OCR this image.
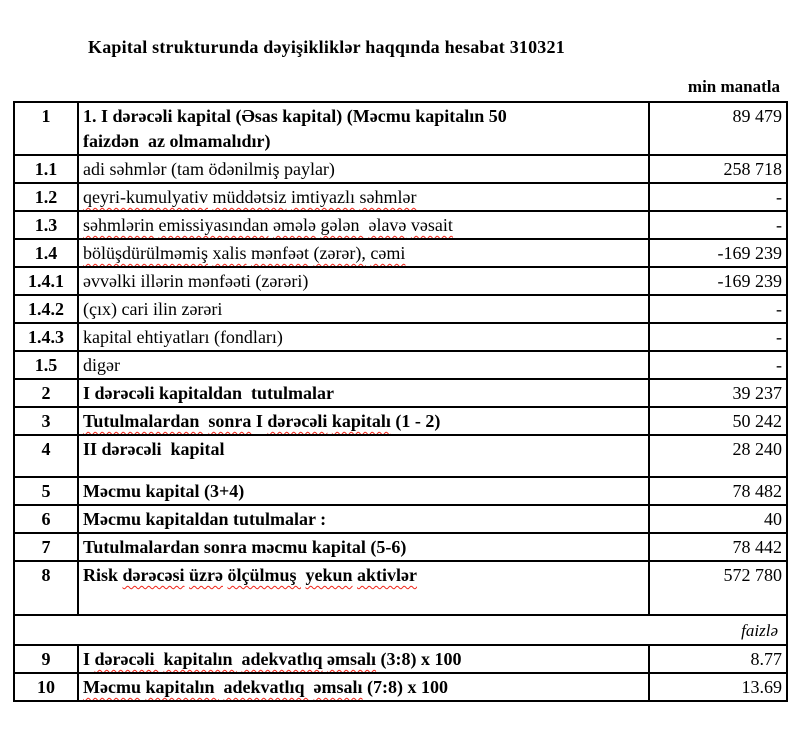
Kapital strukturunda dəyişikliklər haqqında hesabat 310321
min manatla
1	1. I dərəcəli kapital (Əsas kapital) (Məcmu kapitalın 50
faizdən  az olmamalıdır)	89 479
1.1	adi səhmlər (tam ödənilmiş paylar)	258 718
1.2	qeyri-kumulyativ müddətsiz imtiyazlı səhmlər	-
1.3	səhmlərin emissiyasından əmələ gələn  əlavə vəsait	-
1.4	bölüşdürülməmiş xalis mənfəət (zərər), cəmi	-169 239
1.4.1	əvvəlki illərin mənfəəti (zərəri)	-169 239
1.4.2	(çıx) cari ilin zərəri	-
1.4.3	kapital ehtiyatları (fondları)	-
1.5	digər	-
2	I dərəcəli kapitaldan  tutulmalar	39 237
3	Tutulmalardan  sonra I dərəcəli kapitalı (1 - 2)	50 242
4	II dərəcəli  kapital	28 240
5	Məcmu kapital (3+4)	78 482
6	Məcmu kapitaldan tutulmalar :	40
7	Tutulmalardan sonra məcmu kapital (5-6)	78 442
8	Risk dərəcəsi üzrə ölçülmuş  yekun aktivlər	572 780
faizlə		
9	I dərəcəli  kapitalın  adekvatlıq əmsalı (3:8) x 100	8.77
10	Məcmu kapitalın  adekvatlıq  əmsalı (7:8) x 100	13.69
